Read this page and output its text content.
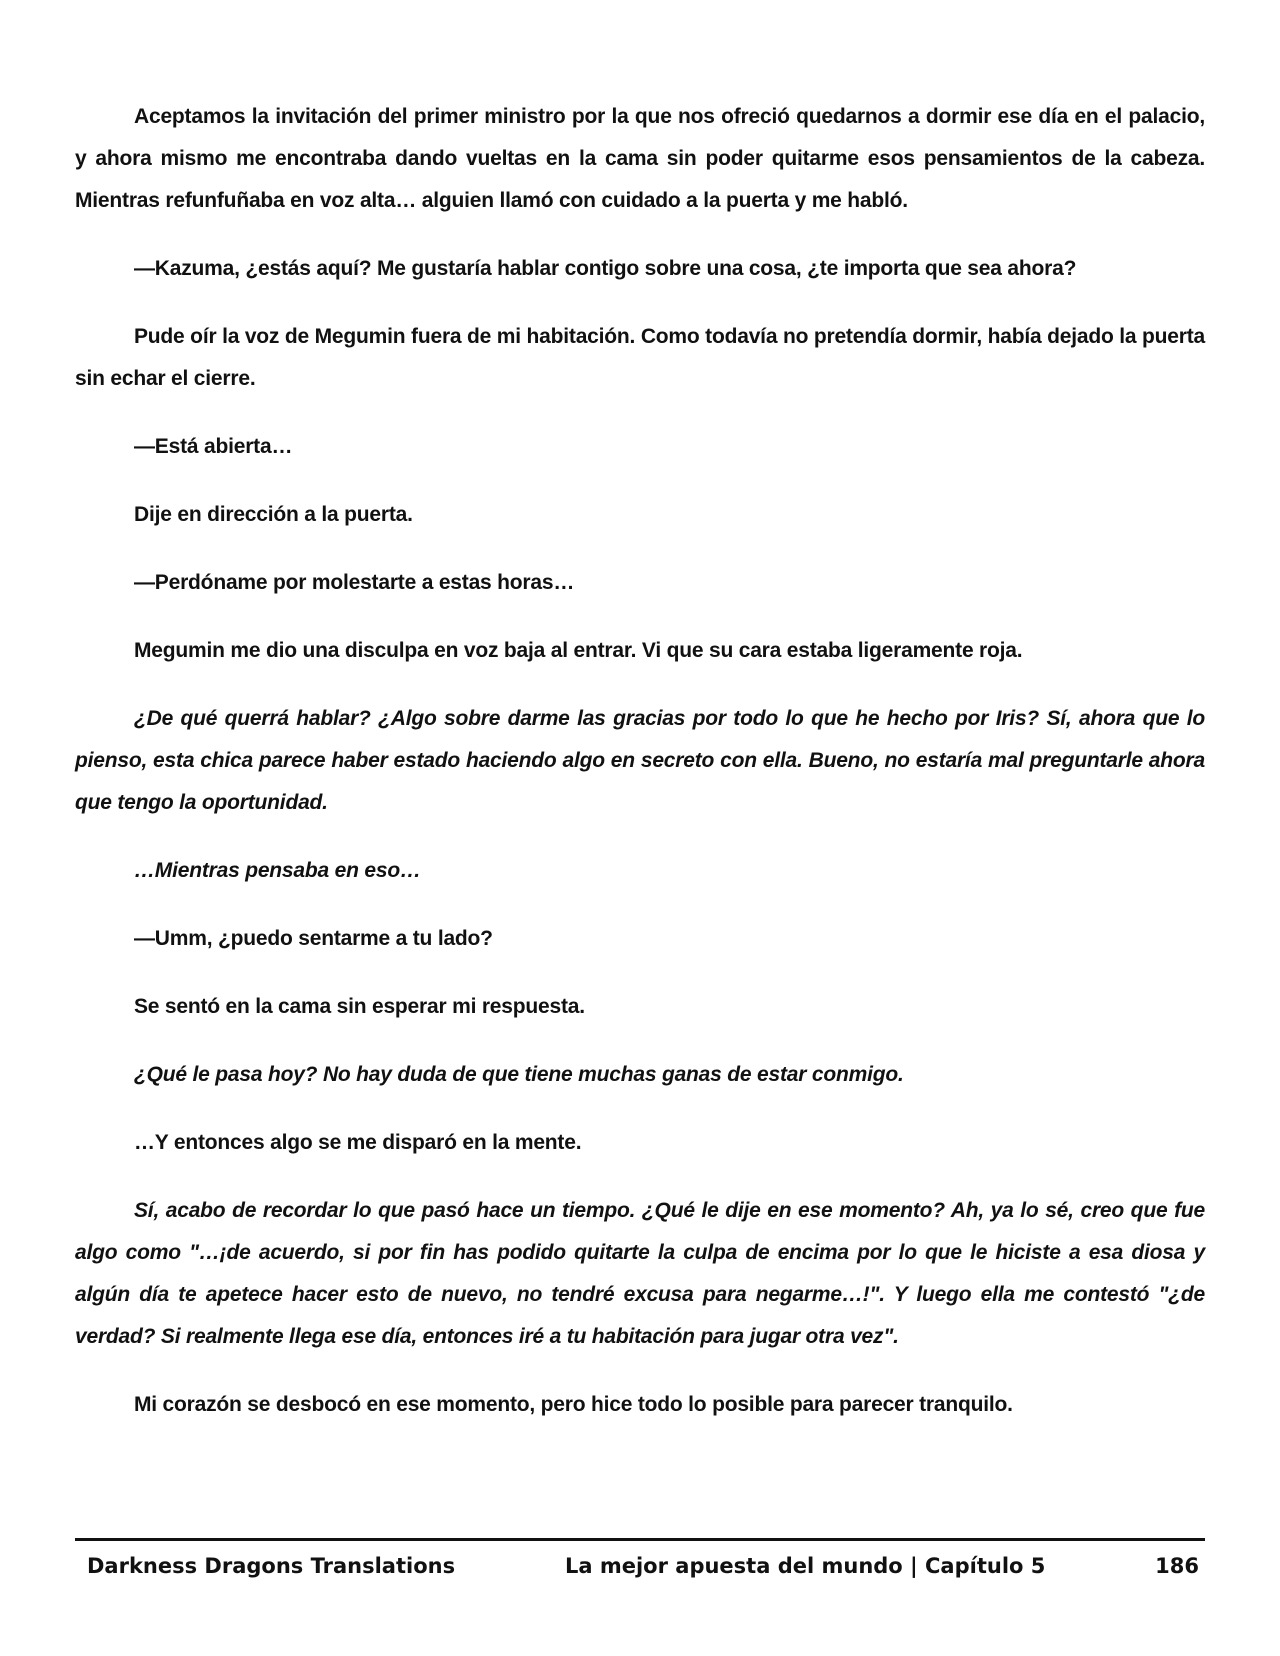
Aceptamos la invitación del primer ministro por la que nos ofreció quedarnos a dormir ese día en el palacio, y ahora mismo me encontraba dando vueltas en la cama sin poder quitarme esos pensamientos de la cabeza. Mientras refunfuñaba en voz alta… alguien llamó con cuidado a la puerta y me habló.

—Kazuma, ¿estás aquí? Me gustaría hablar contigo sobre una cosa, ¿te importa que sea ahora?

Pude oír la voz de Megumin fuera de mi habitación. Como todavía no pretendía dormir, había dejado la puerta sin echar el cierre.

—Está abierta…

Dije en dirección a la puerta.

—Perdóname por molestarte a estas horas…

Megumin me dio una disculpa en voz baja al entrar. Vi que su cara estaba ligeramente roja.

¿De qué querrá hablar? ¿Algo sobre darme las gracias por todo lo que he hecho por Iris? Sí, ahora que lo pienso, esta chica parece haber estado haciendo algo en secreto con ella. Bueno, no estaría mal preguntarle ahora que tengo la oportunidad.

…Mientras pensaba en eso…

—Umm, ¿puedo sentarme a tu lado?

Se sentó en la cama sin esperar mi respuesta.

¿Qué le pasa hoy? No hay duda de que tiene muchas ganas de estar conmigo.

…Y entonces algo se me disparó en la mente.

Sí, acabo de recordar lo que pasó hace un tiempo. ¿Qué le dije en ese momento? Ah, ya lo sé, creo que fue algo como "…¡de acuerdo, si por fin has podido quitarte la culpa de encima por lo que le hiciste a esa diosa y algún día te apetece hacer esto de nuevo, no tendré excusa para negarme…!". Y luego ella me contestó "¿de verdad? Si realmente llega ese día, entonces iré a tu habitación para jugar otra vez".

Mi corazón se desbocó en ese momento, pero hice todo lo posible para parecer tranquilo.

Darkness Dragons Translations	La mejor apuesta del mundo | Capítulo 5	186
